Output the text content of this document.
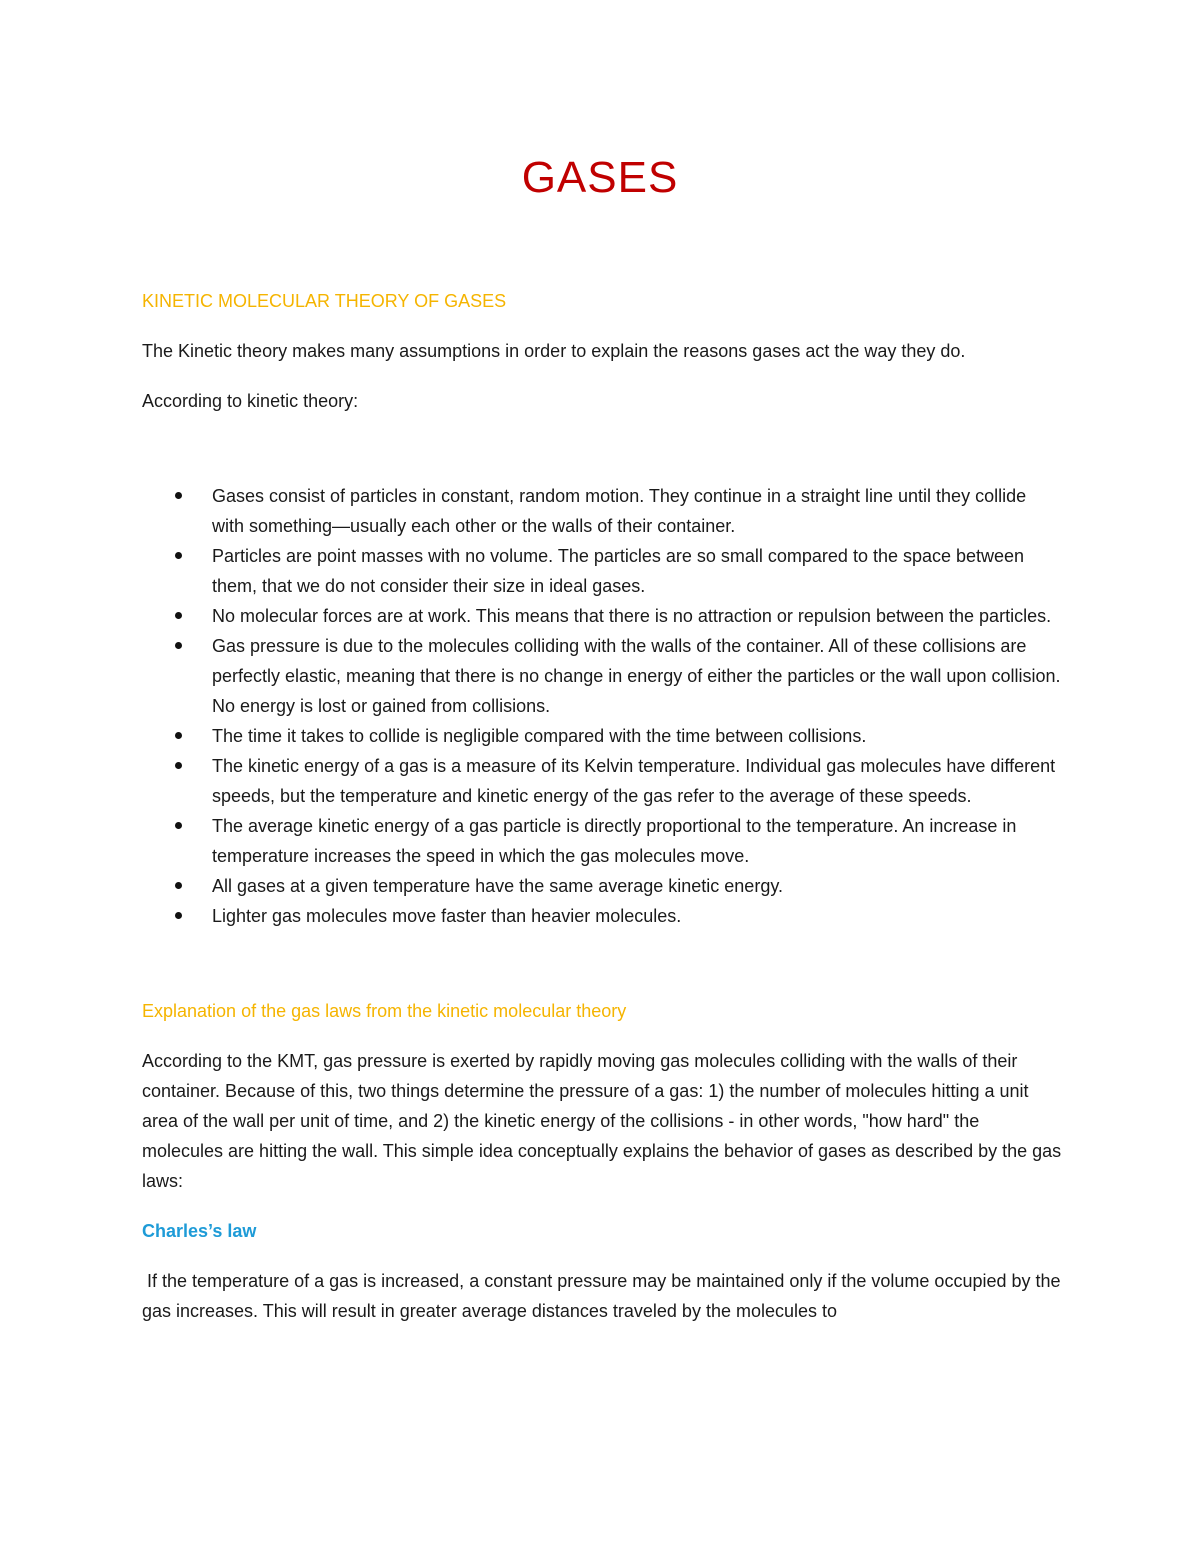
GASES

KINETIC MOLECULAR THEORY OF GASES

The Kinetic theory makes many assumptions in order to explain the reasons gases act the way they do.

According to kinetic theory:

Gases consist of particles in constant, random motion. They continue in a straight line until they collide with something—usually each other or the walls of their container.
Particles are point masses with no volume. The particles are so small compared to the space between them, that we do not consider their size in ideal gases.
No molecular forces are at work. This means that there is no attraction or repulsion between the particles.
Gas pressure is due to the molecules colliding with the walls of the container. All of these collisions are perfectly elastic, meaning that there is no change in energy of either the particles or the wall upon collision. No energy is lost or gained from collisions.
The time it takes to collide is negligible compared with the time between collisions.
The kinetic energy of a gas is a measure of its Kelvin temperature. Individual gas molecules have different speeds, but the temperature and kinetic energy of the gas refer to the average of these speeds.
The average kinetic energy of a gas particle is directly proportional to the temperature. An increase in temperature increases the speed in which the gas molecules move.
All gases at a given temperature have the same average kinetic energy.
Lighter gas molecules move faster than heavier molecules.

Explanation of the gas laws from the kinetic molecular theory

According to the KMT, gas pressure is exerted by rapidly moving gas molecules colliding with the walls of their container. Because of this, two things determine the pressure of a gas: 1) the number of molecules hitting a unit area of the wall per unit of time, and 2) the kinetic energy of the collisions - in other words, "how hard" the molecules are hitting the wall. This simple idea conceptually explains the behavior of gases as described by the gas laws:

Charles’s law

If the temperature of a gas is increased, a constant pressure may be maintained only if the volume occupied by the gas increases. This will result in greater average distances traveled by the molecules to
